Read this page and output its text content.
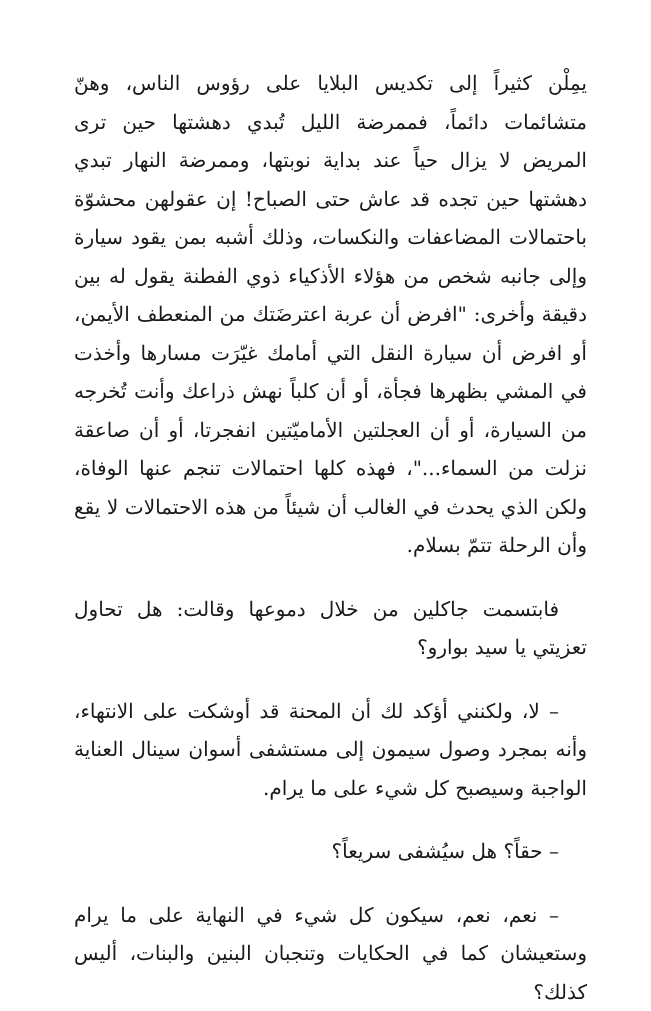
يمِلْن كثيراً إلى تكديس البلايا على رؤوس الناس، وهنّ متشائمات دائماً، فممرضة الليل تُبدي دهشتها حين ترى المريض لا يزال حياً عند بداية نوبتها، وممرضة النهار تبدي دهشتها حين تجده قد عاش حتى الصباح! إن عقولهن محشوّة باحتمالات المضاعفات والنكسات، وذلك أشبه بمن يقود سيارة وإلى جانبه شخص من هؤلاء الأذكياء ذوي الفطنة يقول له بين دقيقة وأخرى: "افرض أن عربة اعترضَتك من المنعطف الأيمن، أو افرض أن سيارة النقل التي أمامك غيّرَت مسارها وأخذت في المشي بظهرها فجأة، أو أن كلباً نهش ذراعك وأنت تُخرجه من السيارة، أو أن العجلتين الأماميّتين انفجرتا، أو أن صاعقة نزلت من السماء..."، فهذه كلها احتمالات تنجم عنها الوفاة، ولكن الذي يحدث في الغالب أن شيئاً من هذه الاحتمالات لا يقع وأن الرحلة تتمّ بسلام.

فابتسمت جاكلين من خلال دموعها وقالت: هل تحاول تعزيتي يا سيد بوارو؟

– لا، ولكنني أؤكد لك أن المحنة قد أوشكت على الانتهاء، وأنه بمجرد وصول سيمون إلى مستشفى أسوان سينال العناية الواجبة وسيصبح كل شيء على ما يرام.

– حقاً؟ هل سيُشفى سريعاً؟

– نعم، نعم، سيكون كل شيء في النهاية على ما يرام وستعيشان كما في الحكايات وتنجبان البنين والبنات، أليس كذلك؟
